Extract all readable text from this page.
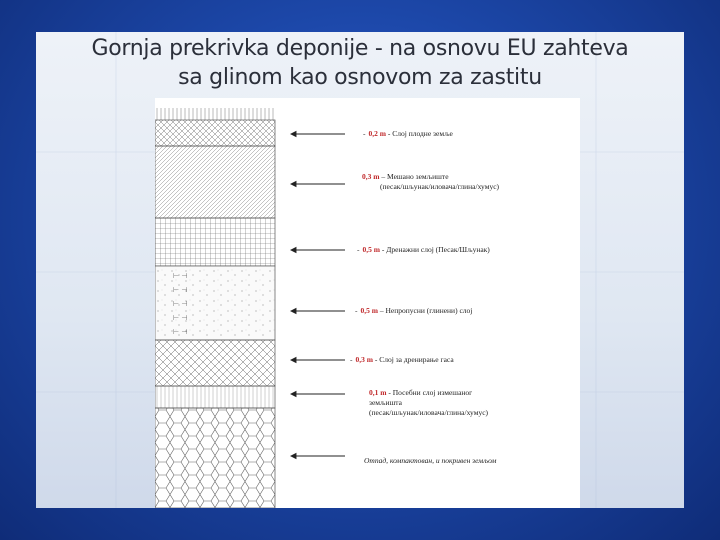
Gornja prekrivka deponije - na osnovu EU zahteva
sa glinom kao osnovom za zastitu
⊢ ⊣
⊢ ⊣
⊢ ⊣
⊢ ⊣
⊢ ⊣
- 0,2 m - Слој плодне земље
0,3 m – Мешано земљиште
(песак/шљунак/иловача/глина/хумус)
- 0,5 m - Дренажни слој (Песак/Шљунак)
- 0,5 m – Непропусни (глинени) слој
- 0,3 m - Слој за дренирање гаса
0,1 m - Посебни слој измешаног
земљишта
(песак/шљунак/иловача/глина/хумус)
Отпад, компактован, и покривен земљом
